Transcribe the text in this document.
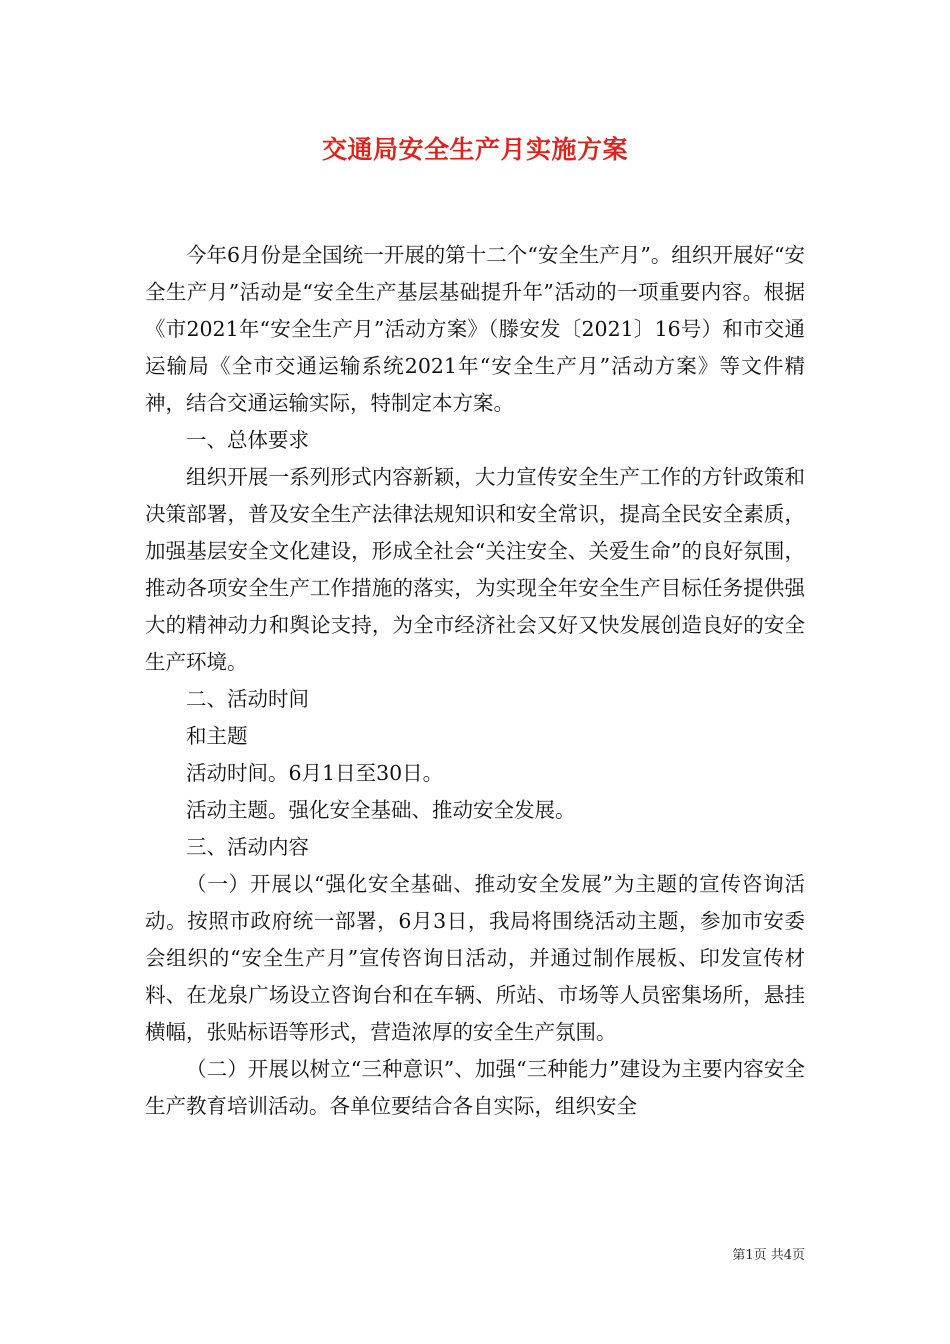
交通局安全生产月实施方案

今年6月份是全国统一开展的第十二个“安全生产月”。组织开展好“安全生产月”活动是“安全生产基层基础提升年”活动的一项重要内容。根据《市2021年“安全生产月”活动方案》（滕安发〔2021〕16号）和市交通运输局《全市交通运输系统2021年“安全生产月”活动方案》等文件精神，结合交通运输实际，特制定本方案。

一、总体要求

组织开展一系列形式内容新颖，大力宣传安全生产工作的方针政策和决策部署，普及安全生产法律法规知识和安全常识，提高全民安全素质，加强基层安全文化建设，形成全社会“关注安全、关爱生命”的良好氛围，推动各项安全生产工作措施的落实，为实现全年安全生产目标任务提供强大的精神动力和舆论支持，为全市经济社会又好又快发展创造良好的安全生产环境。

二、活动时间

和主题

活动时间。6月1日至30日。

活动主题。强化安全基础、推动安全发展。

三、活动内容

（一）开展以“强化安全基础、推动安全发展”为主题的宣传咨询活动。按照市政府统一部署，6月3日，我局将围绕活动主题，参加市安委会组织的“安全生产月”宣传咨询日活动，并通过制作展板、印发宣传材料、在龙泉广场设立咨询台和在车辆、所站、市场等人员密集场所，悬挂横幅，张贴标语等形式，营造浓厚的安全生产氛围。

（二）开展以树立“三种意识”、加强“三种能力”建设为主要内容安全生产教育培训活动。各单位要结合各自实际，组织安全

第1页 共4页
